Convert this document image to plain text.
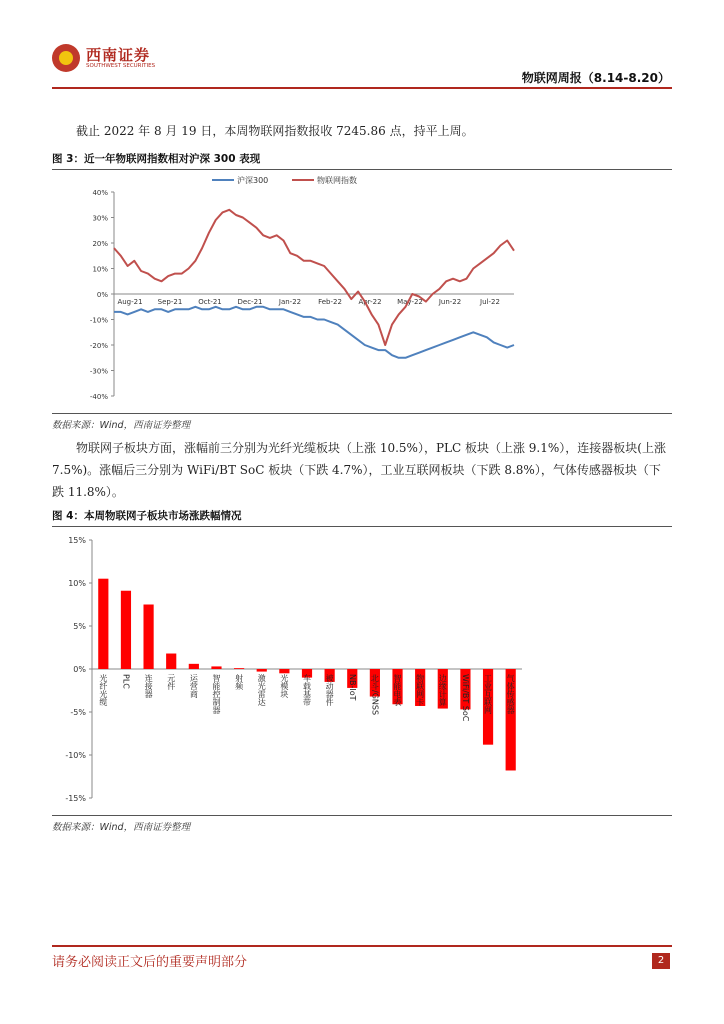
西南证券
SOUTHWEST SECURITIES
物联网周报（8.14-8.20）
截止 2022 年 8 月 19 日，本周物联网指数报收 7245.86 点，持平上周。
图 3：近一年物联网指数相对沪深 300 表现
沪深300	物联网指数
40%
30%
20%
10%
0%
-10%
-20%
-30%
-40%
Aug-21 Sep-21 Oct-21 Dec-21 Jan-22 Feb-22 Apr-22 May-22 Jun-22	Jul-22
数据来源：Wind，西南证券整理
物联网子板块方面，涨幅前三分别为光纤光缆板块（上涨 10.5%），PLC 板块（上涨 9.1%），连接器板块(上涨 7.5%)。涨幅后三分别为 WiFi/BT SoC 板块（下跌 4.7%），工业互联网板块（下跌 8.8%），气体传感器板块（下跌 11.8%）。
图 4：本周物联网子板块市场涨跌幅情况
15%
10%
5%
0%
-5%
-10%
-15%
光纤光缆 PLC 连接器 元件 运营商 智能控制器 射频 激光雷达 光模块 车载基带 被动器件 NB-IoT 北斗/GNSS 智能电表 物联网卡 边缘计算 WiFi/BT SoC 工业互联网 气体传感器
数据来源：Wind，西南证券整理
请务必阅读正文后的重要声明部分	2
